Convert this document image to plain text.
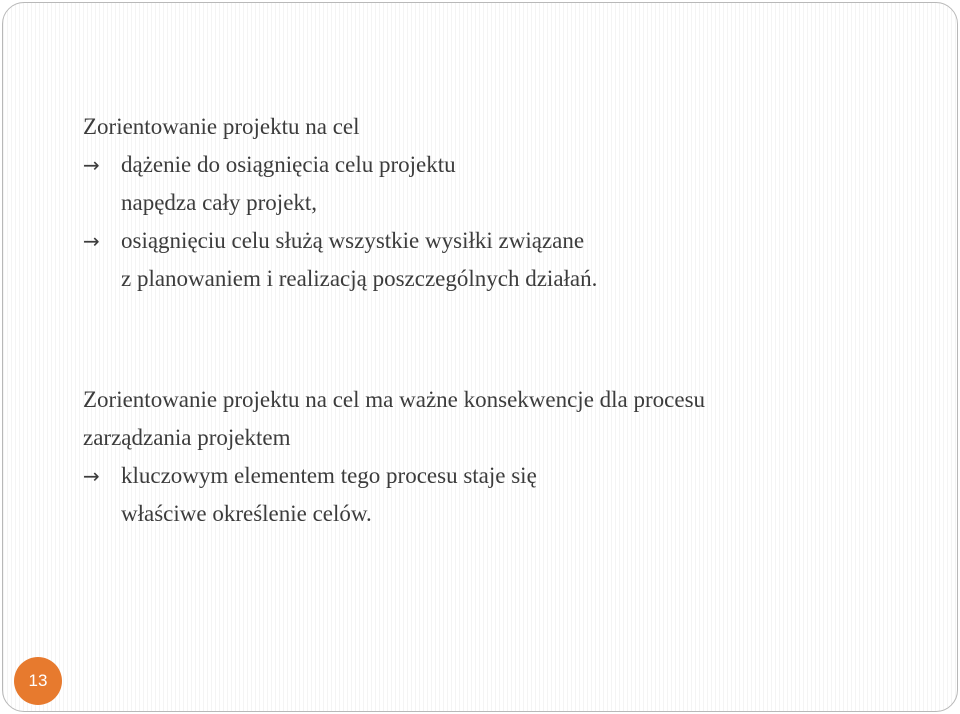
Zorientowanie projektu na cel
→ dążenie do osiągnięcia celu projektu
napędza cały projekt,
→ osiągnięciu celu służą wszystkie wysiłki związane
z planowaniem i realizacją poszczególnych działań.
Zorientowanie projektu na cel ma ważne konsekwencje dla procesu
zarządzania projektem
→ kluczowym elementem tego procesu staje się
właściwe określenie celów.
13
